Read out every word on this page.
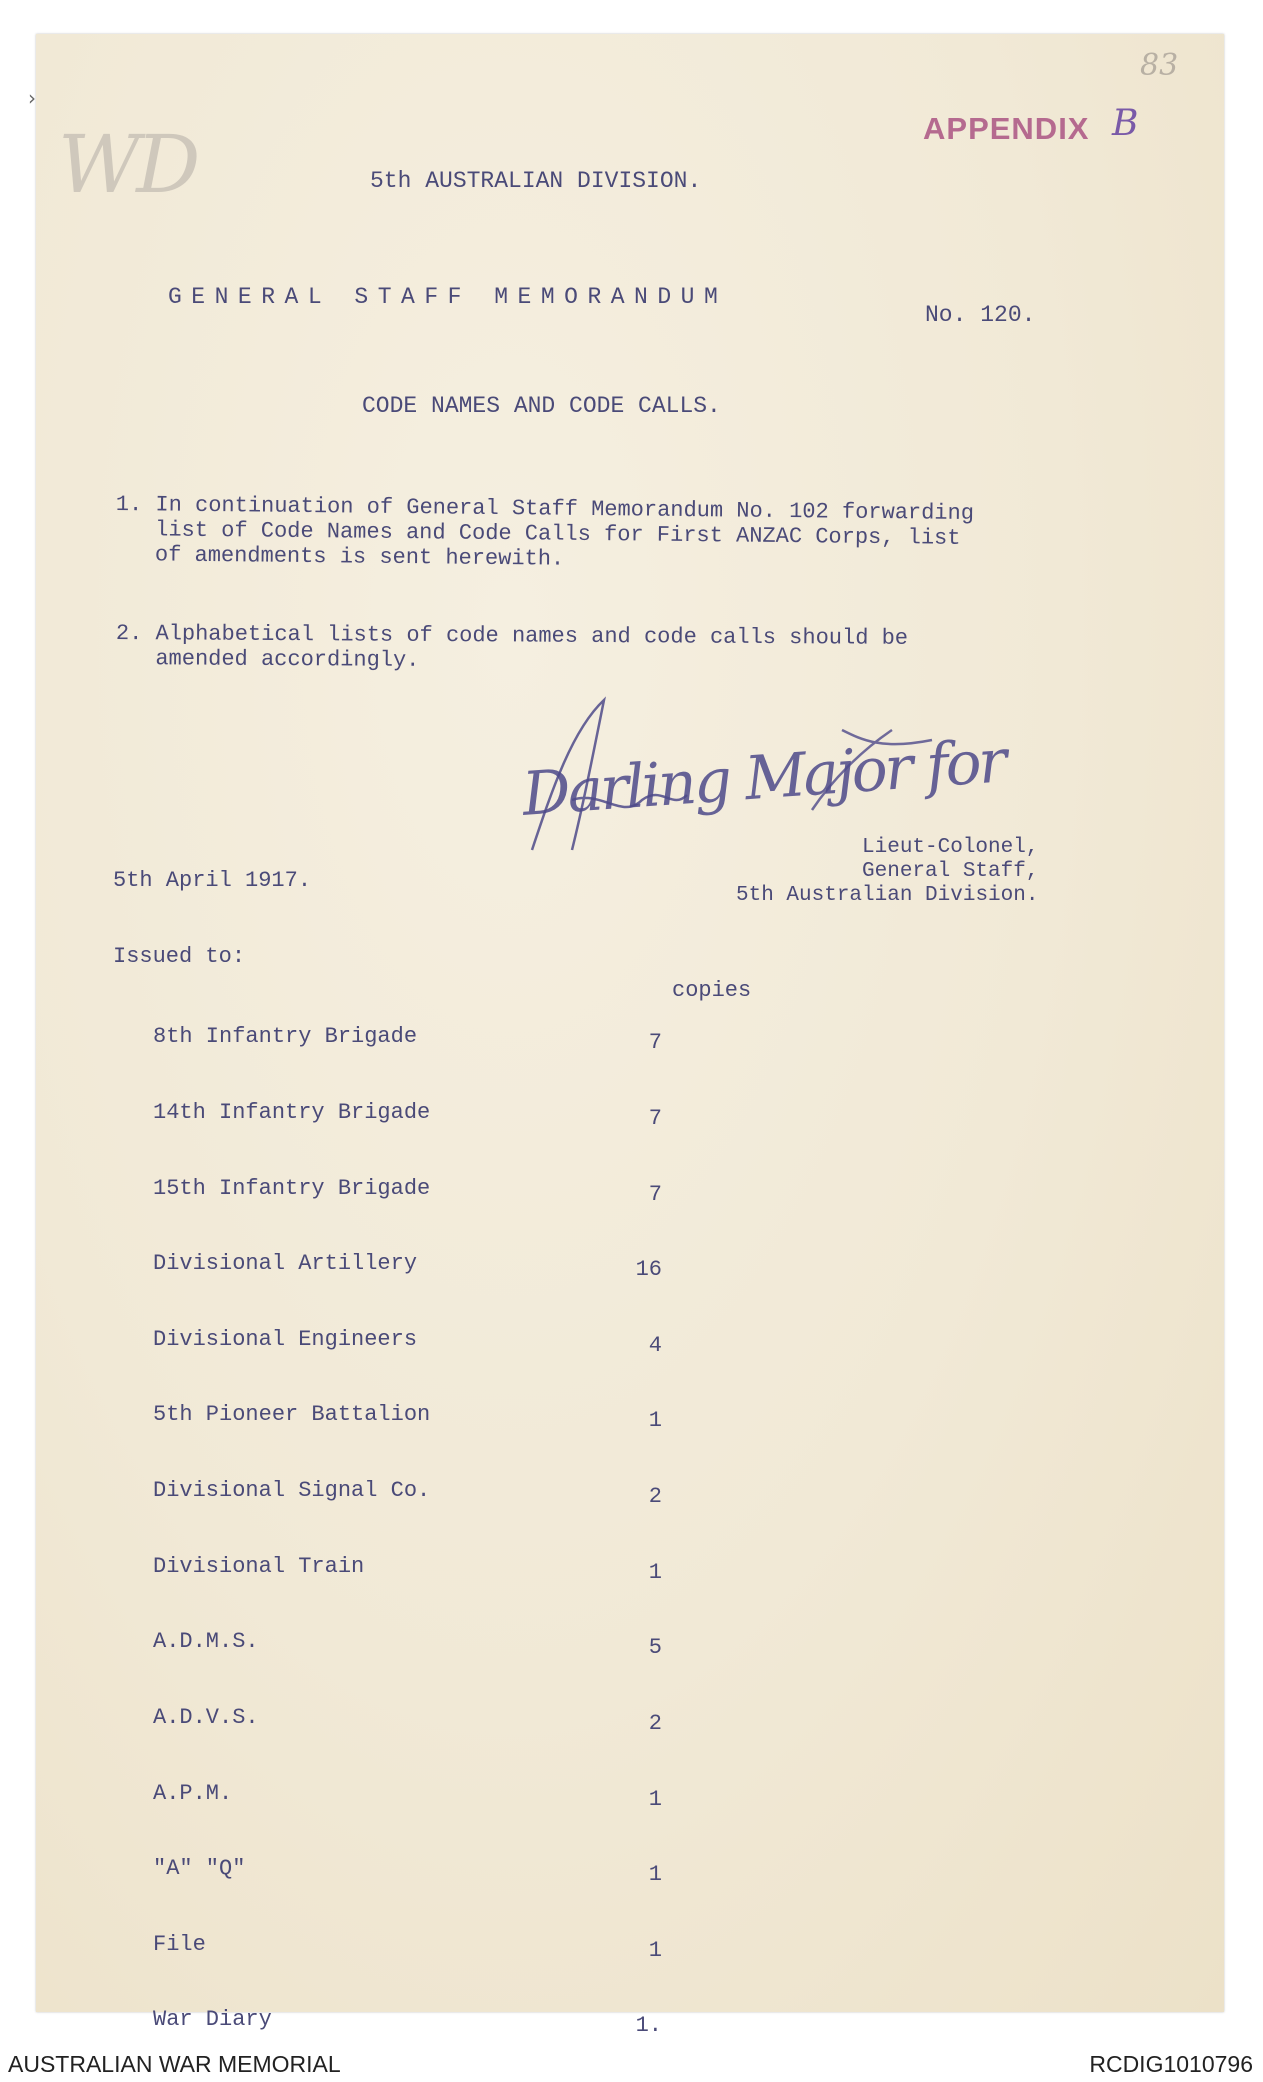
›
83
WD	APPENDIX B
5th AUSTRALIAN DIVISION.
GENERAL STAFF MEMORANDUM
No. 120.
CODE NAMES AND CODE CALLS.
1. In continuation of General Staff Memorandum No. 102 forwarding
list of Code Names and Code Calls for First ANZAC Corps, list
of amendments is sent herewith.
2. Alphabetical lists of code names and code calls should be
amended accordingly.
Darling Major for
Lieut-Colonel,
General Staff,
5th Australian Division.
5th April 1917.
Issued to:

8th Infantry Brigade

14th Infantry Brigade

15th Infantry Brigade

Divisional Artillery

Divisional Engineers

5th Pioneer Battalion

Divisional Signal Co.

Divisional Train

A.D.M.S.

A.D.V.S.

A.P.M.

"A" "Q"

File

War Diary

7

7

7

16

4

1

2

1

5

2

1

1

1

1.

copies
AUSTRALIAN WAR MEMORIAL	RCDIG1010796
